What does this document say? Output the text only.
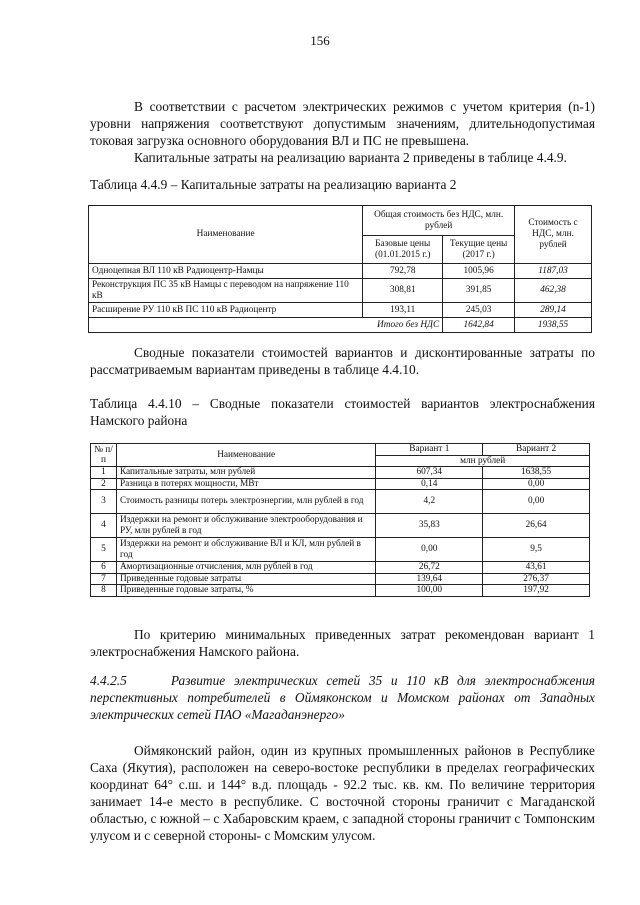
156

В соответствии с расчетом электрических режимов с учетом критерия (n-1) уровни напряжения соответствуют допустимым значениям, длительнодопустимая токовая загрузка основного оборудования ВЛ и ПС не превышена.

Капитальные затраты на реализацию варианта 2 приведены в таблице 4.4.9.

Таблица 4.4.9 – Капитальные затраты на реализацию варианта 2
Наименование	Общая стоимость без НДС, млн. рублей		Стоимость с НДС, млн. рублей
	Базовые цены (01.01.2015 г.)	Текущие цены (2017 г.)	
Одноцепная ВЛ 110 кВ Радиоцентр-Намцы	792,78	1005,96	1187,03
Реконструкция ПС 35 кВ Намцы с переводом на напряжение 110 кВ	308,81	391,85	462,38
Расширение РУ 110 кВ ПС 110 кВ Радиоцентр	193,11	245,03	289,14
Итого без НДС		1642,84	1938,55

Сводные показатели стоимостей вариантов и дисконтированные затраты по рассматриваемым вариантам приведены в таблице 4.4.10.

Таблица 4.4.10 – Сводные показатели стоимостей вариантов электроснабжения Намского района
№ п/п	Наименование	Вариант 1	Вариант 2
		млн рублей	
1	Капитальные затраты, млн рублей	607,34	1638,55
2	Разница в потерях мощности, МВт	0,14	0,00
3	Стоимость разницы потерь электроэнергии, млн рублей в год	4,2	0,00
4	Издержки на ремонт и обслуживание электрооборудования и РУ, млн рублей в год	35,83	26,64
5	Издержки на ремонт и обслуживание ВЛ и КЛ, млн рублей в год	0,00	9,5
6	Амортизационные отчисления, млн рублей в год	26,72	43,61
7	Приведенные годовые затраты	139,64	276,37
8	Приведенные годовые затраты, %	100,00	197,92

По критерию минимальных приведенных затрат рекомендован вариант 1 электроснабжения Намского района.

4.4.2.5	Развитие электрических сетей 35 и 110 кВ для электроснабжения перспективных потребителей в Оймяконском и Момском районах от Западных электрических сетей ПАО «Магаданэнерго»

Оймяконский район, один из крупных промышленных районов в Республике Саха (Якутия), расположен на северо-востоке республики в пределах географических координат 64° с.ш. и 144° в.д. площадь - 92.2 тыс. кв. км. По величине территория занимает 14-е место в республике. С восточной стороны граничит с Магаданской областью, с южной – с Хабаровским краем, с западной стороны граничит с Томпонским улусом и с северной стороны- с Момским улусом.
